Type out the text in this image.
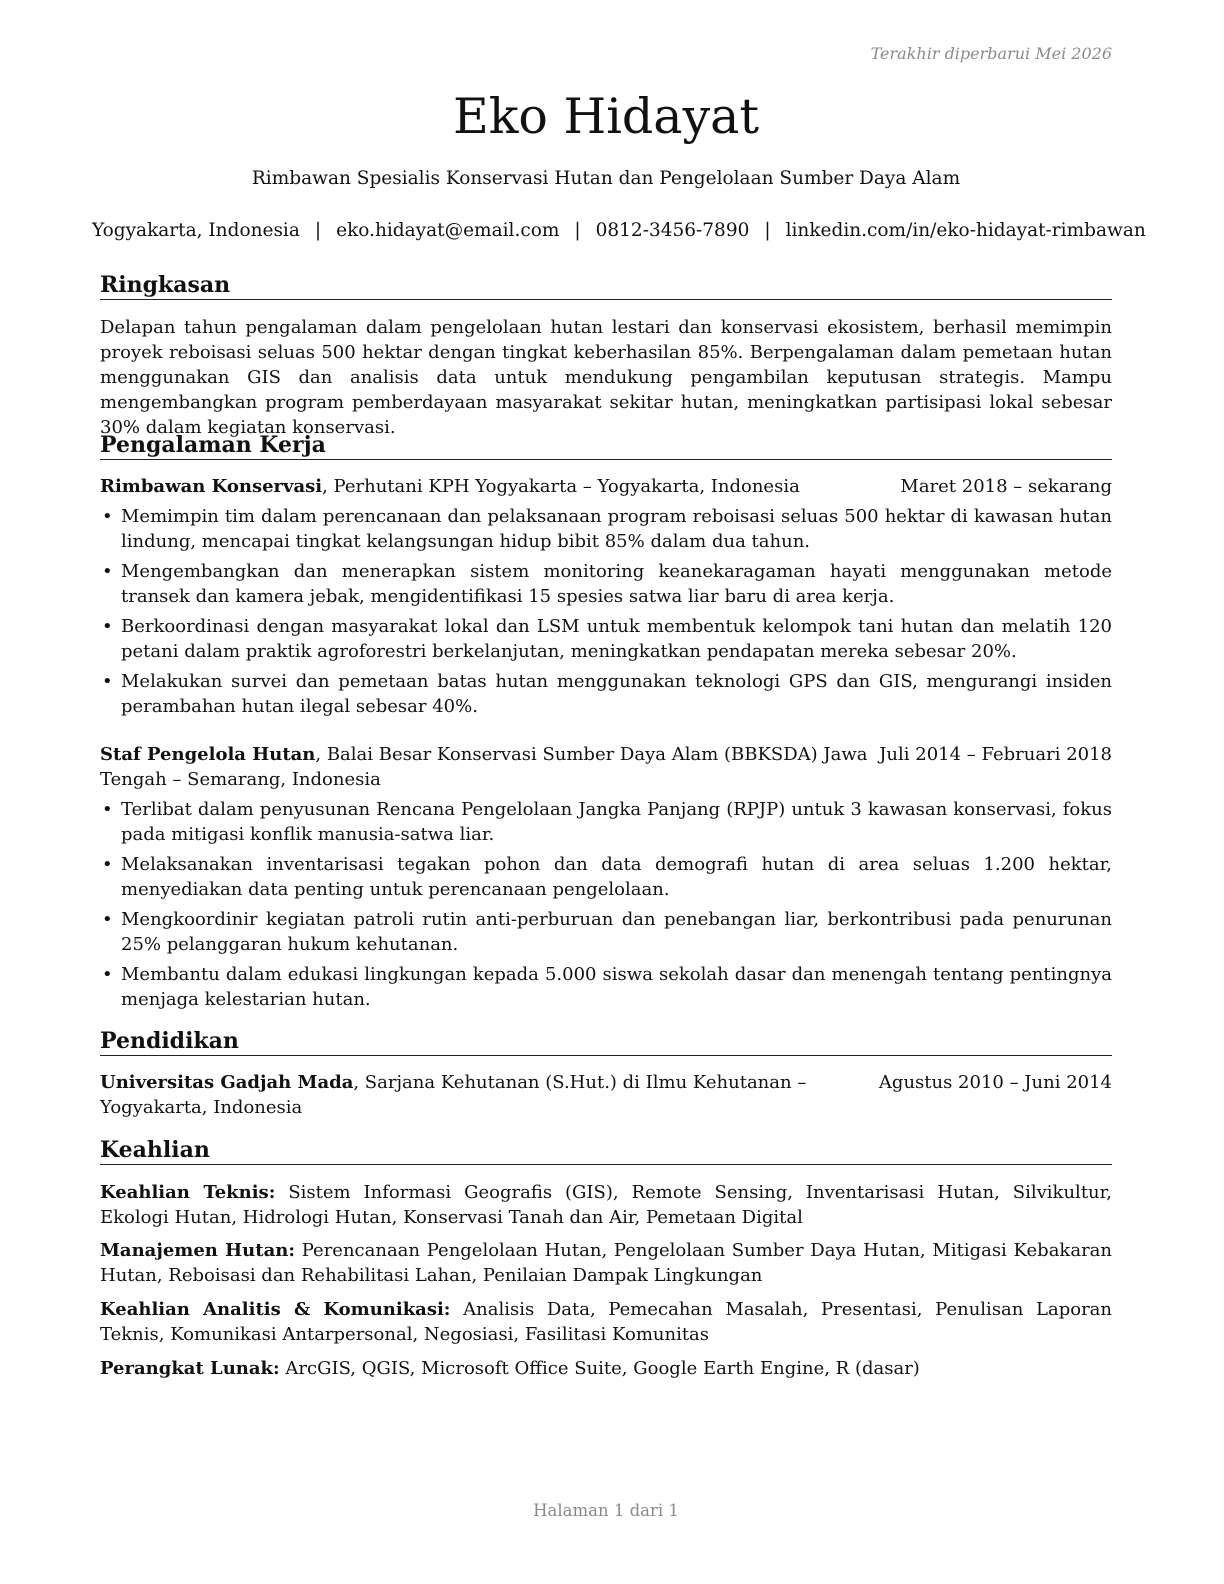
Terakhir diperbarui Mei 2026
Eko Hidayat
Rimbawan Spesialis Konservasi Hutan dan Pengelolaan Sumber Daya Alam
Yogyakarta, Indonesia | eko.hidayat@email.com | 0812-3456-7890 | linkedin.com/in/eko-hidayat-rimbawan
Ringkasan

Delapan tahun pengalaman dalam pengelolaan hutan lestari dan konservasi ekosistem, berhasil memimpin proyek reboisasi seluas 500 hektar dengan tingkat keberhasilan 85%. Berpengalaman dalam pemetaan hutan menggunakan GIS dan analisis data untuk mendukung pengambilan keputusan strategis. Mampu mengembangkan program pemberdayaan masyarakat sekitar hutan, meningkatkan partisipasi lokal sebesar 30% dalam kegiatan konservasi.

Pengalaman Kerja
Rimbawan Konservasi, Perhutani KPH Yogyakarta – Yogyakarta, Indonesia	Maret 2018 – sekarang
• Memimpin tim dalam perencanaan dan pelaksanaan program reboisasi seluas 500 hektar di kawasan hutan lindung, mencapai tingkat kelangsungan hidup bibit 85% dalam dua tahun.
• Mengembangkan dan menerapkan sistem monitoring keanekaragaman hayati menggunakan metode transek dan kamera jebak, mengidentifikasi 15 spesies satwa liar baru di area kerja.
• Berkoordinasi dengan masyarakat lokal dan LSM untuk membentuk kelompok tani hutan dan melatih 120 petani dalam praktik agroforestri berkelanjutan, meningkatkan pendapatan mereka sebesar 20%.
• Melakukan survei dan pemetaan batas hutan menggunakan teknologi GPS dan GIS, mengurangi insiden perambahan hutan ilegal sebesar 40%.
Staf Pengelola Hutan, Balai Besar Konservasi Sumber Daya Alam (BBKSDA) Jawa Tengah – Semarang, Indonesia
Juli 2014 – Februari 2018
• Terlibat dalam penyusunan Rencana Pengelolaan Jangka Panjang (RPJP) untuk 3 kawasan konservasi, fokus pada mitigasi konflik manusia-satwa liar.
• Melaksanakan inventarisasi tegakan pohon dan data demografi hutan di area seluas 1.200 hektar, menyediakan data penting untuk perencanaan pengelolaan.
• Mengkoordinir kegiatan patroli rutin anti-perburuan dan penebangan liar, berkontribusi pada penurunan 25% pelanggaran hukum kehutanan.
• Membantu dalam edukasi lingkungan kepada 5.000 siswa sekolah dasar dan menengah tentang pentingnya menjaga kelestarian hutan.
Pendidikan
Universitas Gadjah Mada, Sarjana Kehutanan (S.Hut.) di Ilmu Kehutanan – Yogyakarta, Indonesia
Agustus 2010 – Juni 2014
Keahlian
Keahlian Teknis: Sistem Informasi Geografis (GIS), Remote Sensing, Inventarisasi Hutan, Silvikultur, Ekologi Hutan, Hidrologi Hutan, Konservasi Tanah dan Air, Pemetaan Digital
Manajemen Hutan: Perencanaan Pengelolaan Hutan, Pengelolaan Sumber Daya Hutan, Mitigasi Kebakaran Hutan, Reboisasi dan Rehabilitasi Lahan, Penilaian Dampak Lingkungan
Keahlian Analitis & Komunikasi: Analisis Data, Pemecahan Masalah, Presentasi, Penulisan Laporan Teknis, Komunikasi Antarpersonal, Negosiasi, Fasilitasi Komunitas
Perangkat Lunak: ArcGIS, QGIS, Microsoft Office Suite, Google Earth Engine, R (dasar)
Halaman 1 dari 1
